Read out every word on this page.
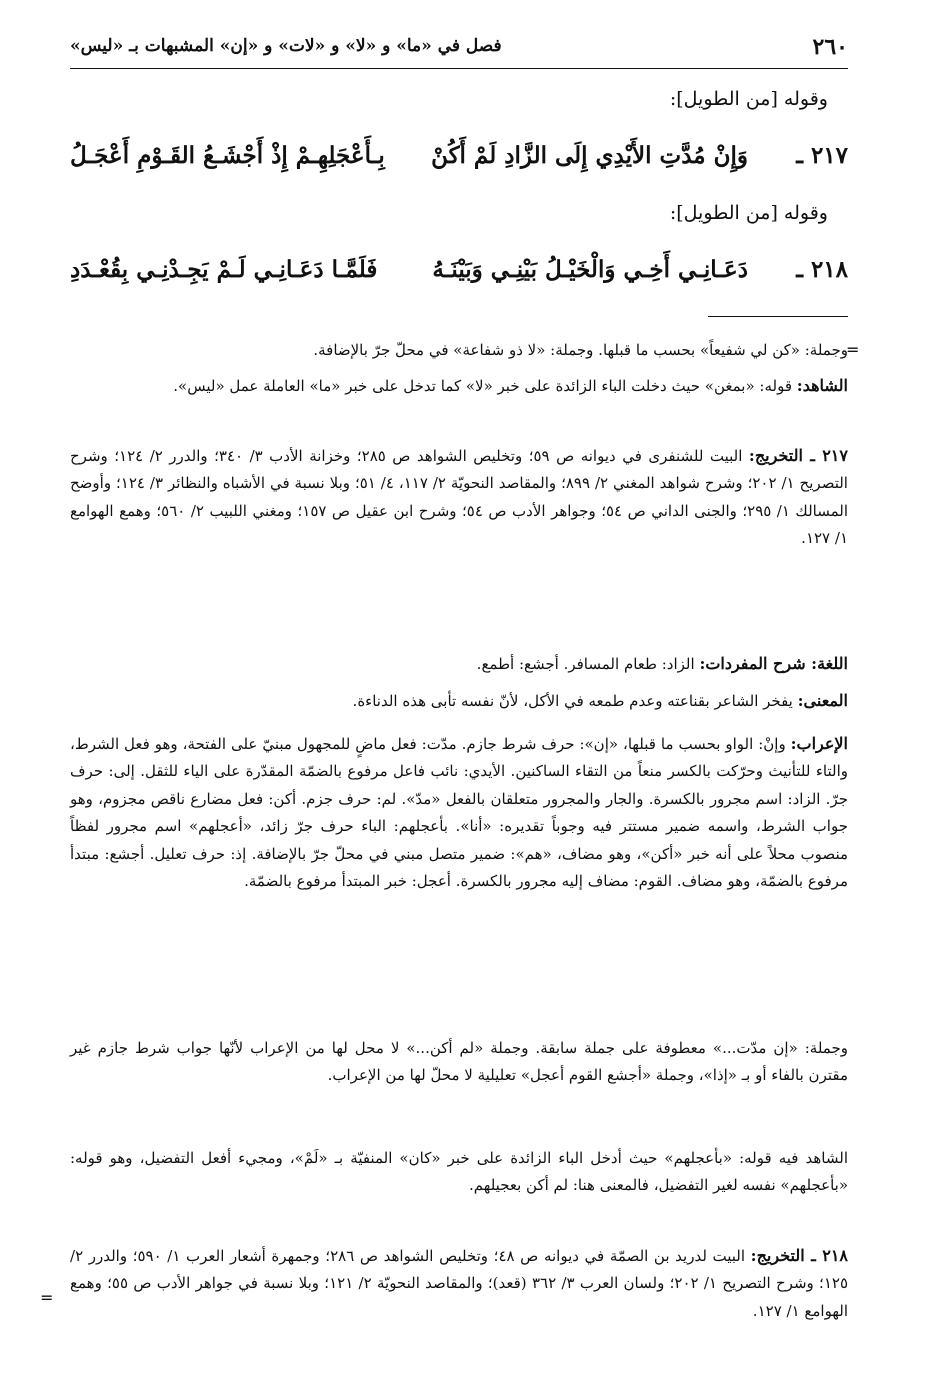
٢٦٠
فصل في «ما» و «لا» و «لات» و «إن» المشبهات بـ «ليس»

وقوله [من الطويل]:

٢١٧ ـ
وَإِنْ مُدَّتِ الأَيْدِي إِلَى الزَّادِ لَمْ أَكُنْ
بِـأَعْجَلِهِـمْ إِذْ أَجْشَـعُ القَـوْمِ أَعْجَـلُ

وقوله [من الطويل]:

٢١٨ ـ
دَعَـانِـي أَخِـي وَالْخَيْـلُ بَيْنِـي وَبَيْنَـهُ
فَلَمَّـا دَعَـانِـي لَـمْ يَجِـدْنِـي بِقُعْـدَدِ

وجملة: «كن لي شفيعاً» بحسب ما قبلها. وجملة: «لا ذو شفاعة» في محلّ جرّ بالإضافة.

الشاهد: قوله: «بمغن» حيث دخلت الباء الزائدة على خبر «لا» كما تدخل على خبر «ما» العاملة عمل «ليس».

٢١٧ ـ التخريج: البيت للشنفرى في ديوانه ص ٥٩؛ وتخليص الشواهد ص ٢٨٥؛ وخزانة الأدب ٣/ ٣٤٠؛ والدرر ٢/ ١٢٤؛ وشرح التصريح ١/ ٢٠٢؛ وشرح شواهد المغني ٢/ ٨٩٩؛ والمقاصد النحويّة ٢/ ١١٧، ٤/ ٥١؛ وبلا نسبة في الأشباه والنظائر ٣/ ١٢٤؛ وأوضح المسالك ١/ ٢٩٥؛ والجنى الداني ص ٥٤؛ وجواهر الأدب ص ٥٤؛ وشرح ابن عقيل ص ١٥٧؛ ومغني اللبيب ٢/ ٥٦٠؛ وهمع الهوامع ١/ ١٢٧.

اللغة: شرح المفردات: الزاد: طعام المسافر. أجشع: أطمع.

المعنى: يفخر الشاعر بقناعته وعدم طمعه في الأكل، لأنّ نفسه تأبى هذه الدناءة.

الإعراب: وإنْ: الواو بحسب ما قبلها، «إن»: حرف شرط جازم. مدّت: فعل ماضٍ للمجهول مبنيّ على الفتحة، وهو فعل الشرط، والتاء للتأنيث وحرّكت بالكسر منعاً من التقاء الساكنين. الأيدي: نائب فاعل مرفوع بالضمّة المقدّرة على الياء للثقل. إلى: حرف جرّ. الزاد: اسم مجرور بالكسرة. والجار والمجرور متعلقان بالفعل «مدّ». لم: حرف جزم. أكن: فعل مضارع ناقص مجزوم، وهو جواب الشرط، واسمه ضمير مستتر فيه وجوباً تقديره: «أنا». بأعجلهم: الباء حرف جرّ زائد، «أعجلهم» اسم مجرور لفظاً منصوب محلاً على أنه خبر «أكن»، وهو مضاف، «هم»: ضمير متصل مبني في محلّ جرّ بالإضافة. إذ: حرف تعليل. أجشع: مبتدأ مرفوع بالضمّة، وهو مضاف. القوم: مضاف إليه مجرور بالكسرة. أعجل: خبر المبتدأ مرفوع بالضمّة.

وجملة: «إن مدّت...» معطوفة على جملة سابقة. وجملة «لم أكن...» لا محل لها من الإعراب لأنّها جواب شرط جازم غير مقترن بالفاء أو بـ «إذا»، وجملة «أجشع القوم أعجل» تعليلية لا محلّ لها من الإعراب.

الشاهد فيه قوله: «بأعجلهم» حيث أدخل الباء الزائدة على خبر «كان» المنفيّة بـ «لَمْ»، ومجيء أفعل التفضيل، وهو قوله: «بأعجلهم» نفسه لغير التفضيل، فالمعنى هنا: لم أكن بعجيلهم.

٢١٨ ـ التخريج: البيت لدريد بن الصمّة في ديوانه ص ٤٨؛ وتخليص الشواهد ص ٢٨٦؛ وجمهرة أشعار العرب ١/ ٥٩٠؛ والدرر ٢/ ١٢٥؛ وشرح التصريح ١/ ٢٠٢؛ ولسان العرب ٣/ ٣٦٢ (قعد)؛ والمقاصد النحويّة ٢/ ١٢١؛ وبلا نسبة في جواهر الأدب ص ٥٥؛ وهمع الهوامع ١/ ١٢٧.

=
=
